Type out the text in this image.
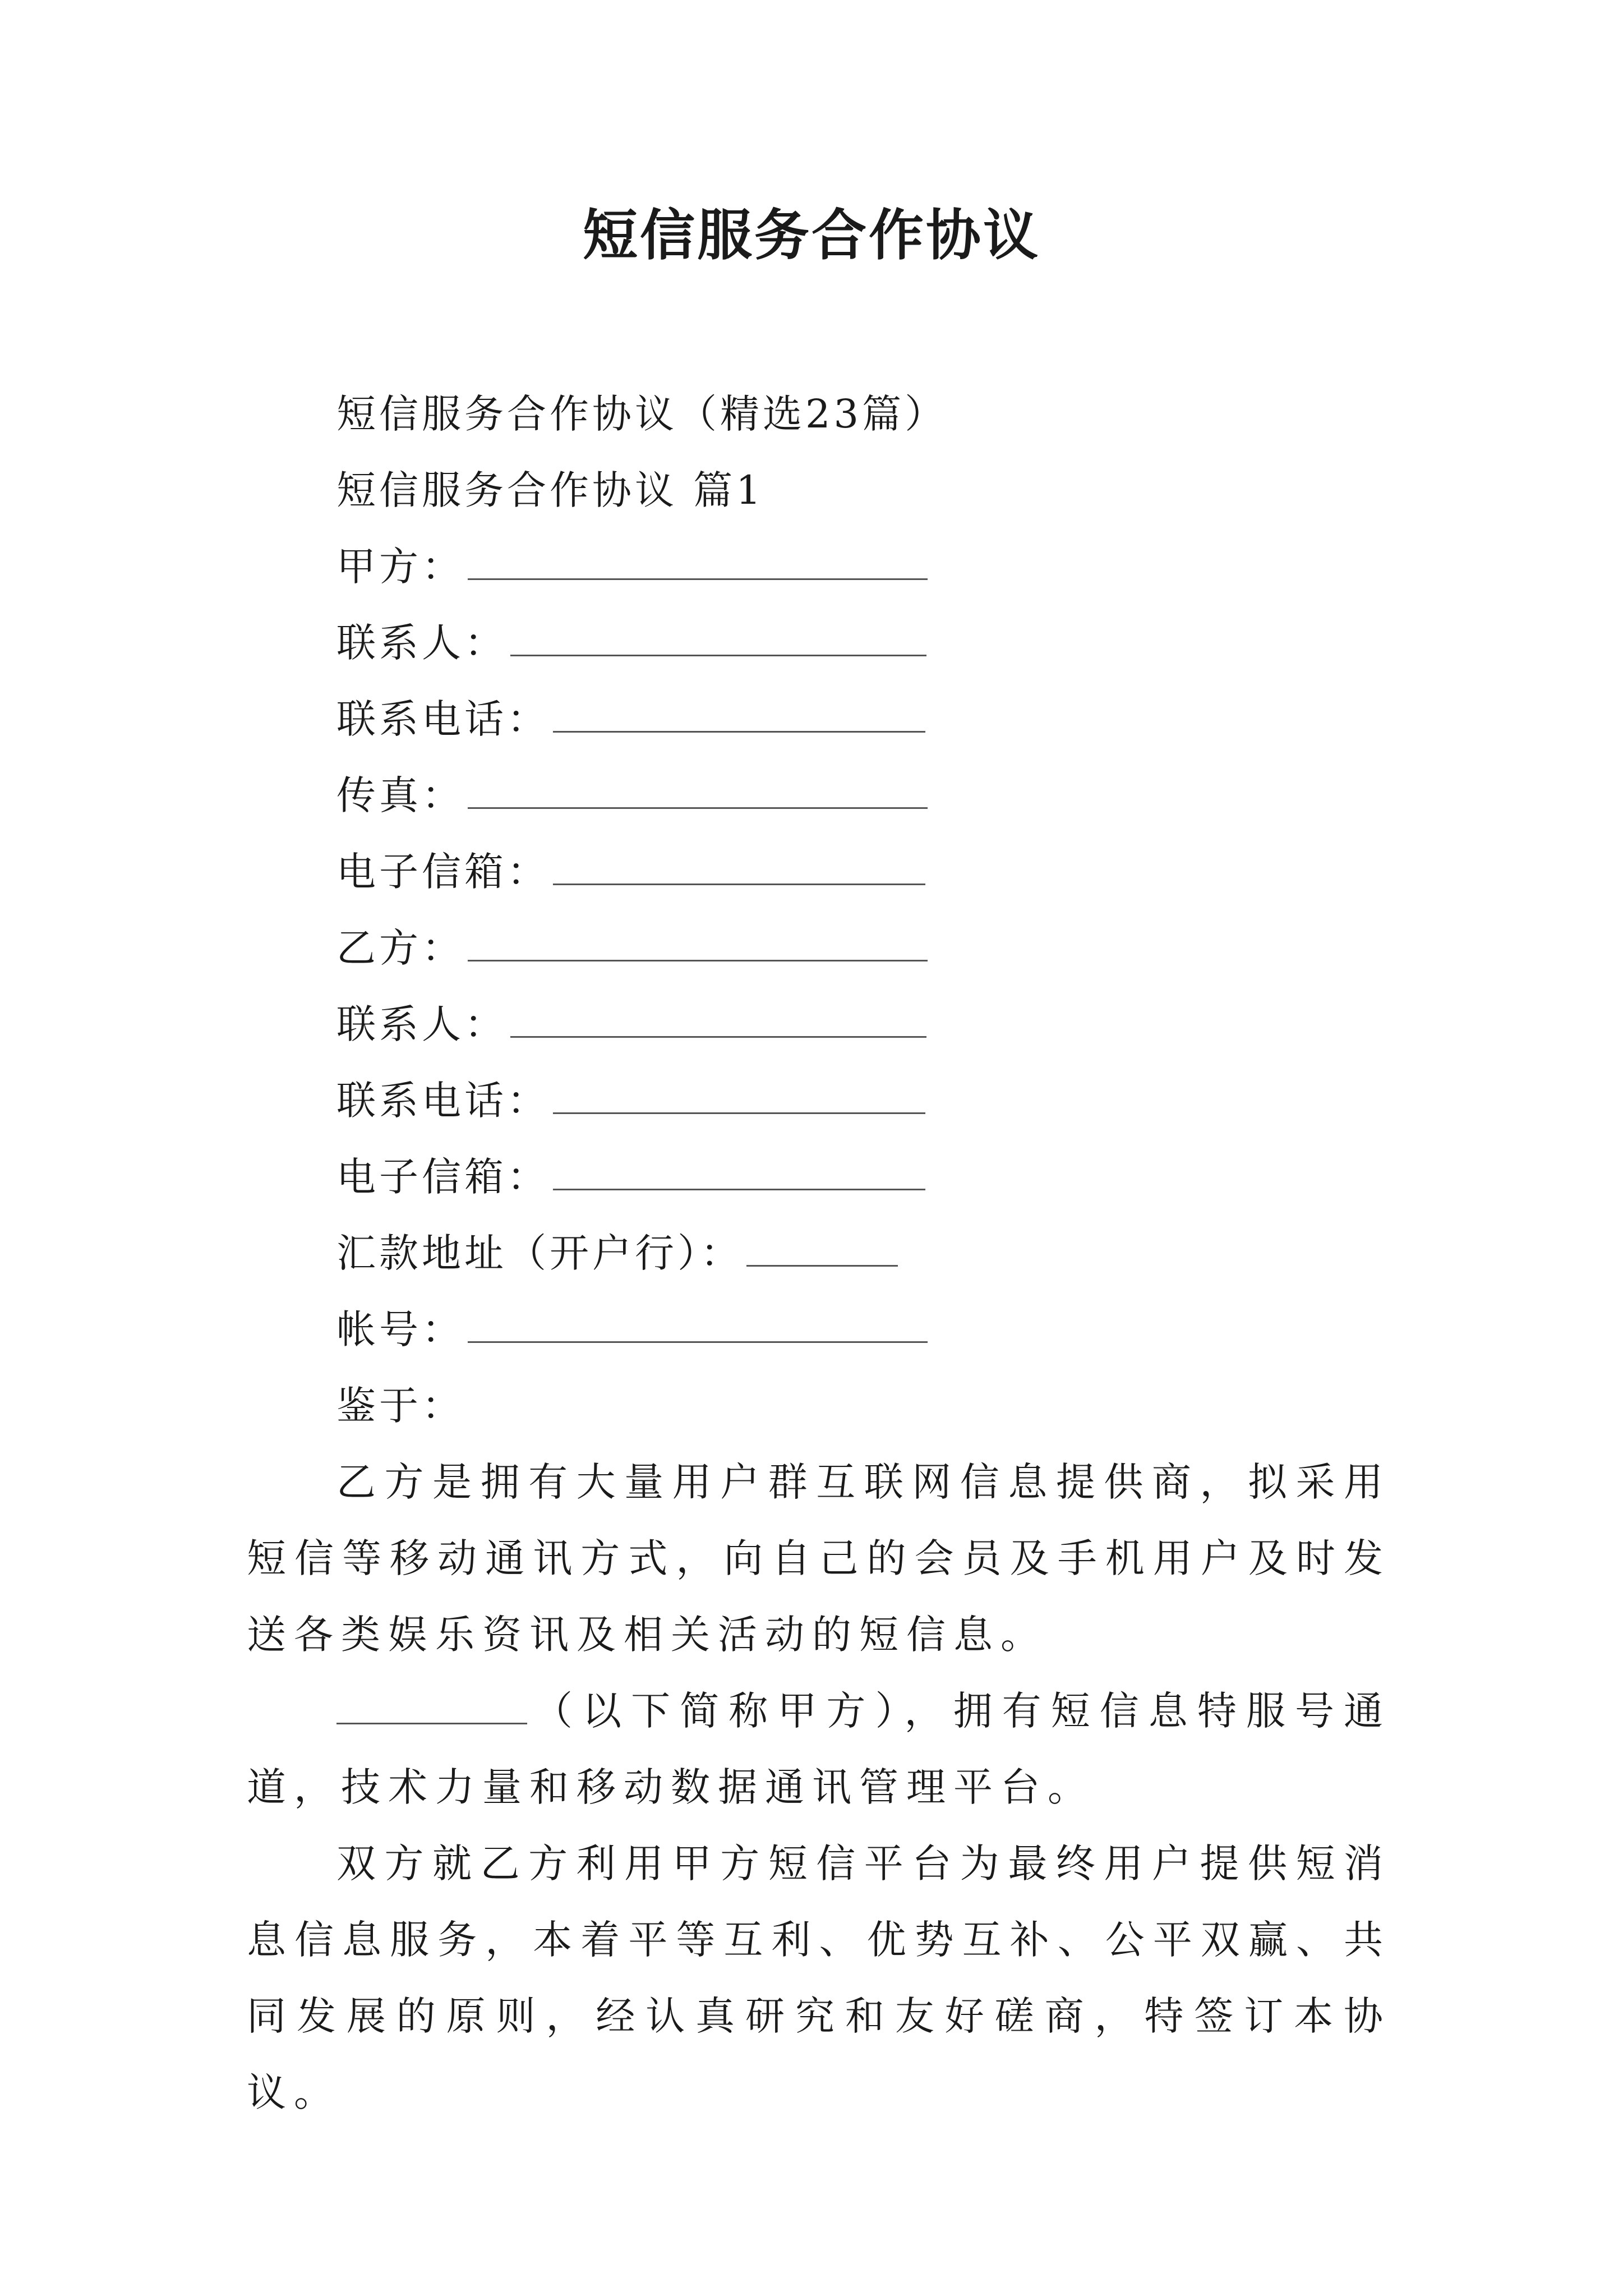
短信服务合作协议
短信服务合作协议（精选23篇）
短信服务合作协议 篇1
甲方：
联系人：
联系电话：
传真：
电子信箱：
乙方：
联系人：
联系电话：
电子信箱：
汇款地址（开户行）：
帐号：
鉴于：
乙方是拥有大量用户群互联网信息提供商，拟采用短信等移动通讯方式，向自己的会员及手机用户及时发送各类娱乐资讯及相关活动的短信息。
（以下简称甲方），拥有短信息特服号通道，技术力量和移动数据通讯管理平台。
双方就乙方利用甲方短信平台为最终用户提供短消息信息服务，本着平等互利、优势互补、公平双赢、共同发展的原则，经认真研究和友好磋商，特签订本协议。
